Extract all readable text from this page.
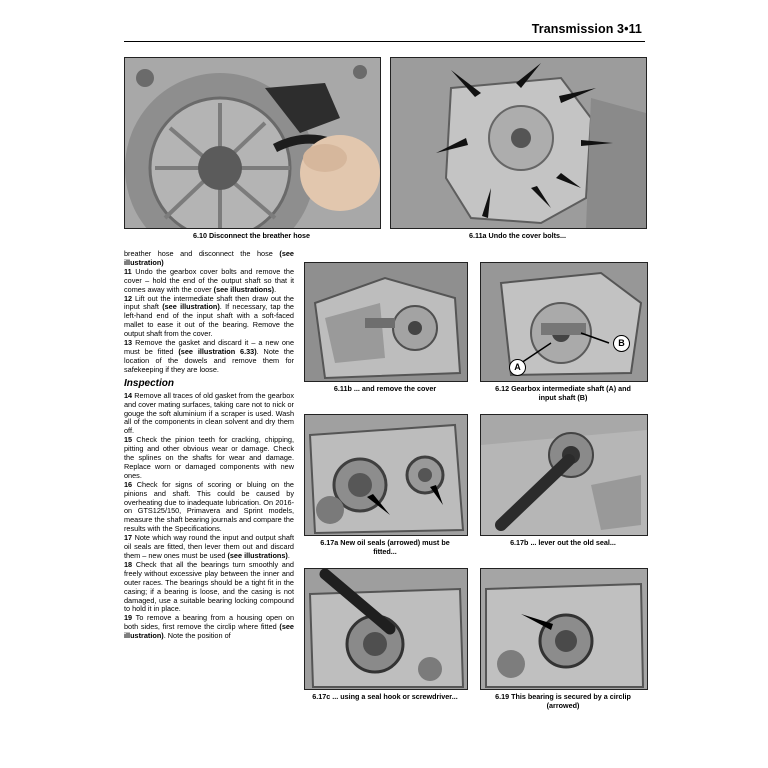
Transmission 3•11
6.10 Disconnect the breather hose	6.11a Undo the cover bolts...

breather hose and disconnect the hose (see illustration)

11 Undo the gearbox cover bolts and remove the cover – hold the end of the output shaft so that it comes away with the cover (see illustrations).

12 Lift out the intermediate shaft then draw out the input shaft (see illustration). If necessary, tap the left-hand end of the input shaft with a soft-faced mallet to ease it out of the bearing. Remove the output shaft from the cover.

13 Remove the gasket and discard it – a new one must be fitted (see illustration 6.33). Note the location of the dowels and remove them for safekeeping if they are loose.

Inspection

14 Remove all traces of old gasket from the gearbox and cover mating surfaces, taking care not to nick or gouge the soft aluminium if a scraper is used. Wash all of the components in clean solvent and dry them off.

15 Check the pinion teeth for cracking, chipping, pitting and other obvious wear or damage. Check the splines on the shafts for wear and damage. Replace worn or damaged components with new ones.

16 Check for signs of scoring or bluing on the pinions and shaft. This could be caused by overheating due to inadequate lubrication. On 2016-on GTS125/150, Primavera and Sprint models, measure the shaft bearing journals and compare the results with the Specifications.

17 Note which way round the input and output shaft oil seals are fitted, then lever them out and discard them – new ones must be used (see illustrations).

18 Check that all the bearings turn smoothly and freely without excessive play between the inner and outer races. The bearings should be a tight fit in the casing; if a bearing is loose, and the casing is not damaged, use a suitable bearing locking compound to hold it in place.

19 To remove a bearing from a housing open on both sides, first remove the circlip where fitted (see illustration). Note the position of

6.11b ... and remove the cover
A
B
6.12 Gearbox intermediate shaft (A) and
input shaft (B)
6.17a New oil seals (arrowed) must be
fitted...
6.17b ... lever out the old seal...
6.17c ... using a seal hook or screwdriver...	6.19 This bearing is secured by a circlip
(arrowed)
